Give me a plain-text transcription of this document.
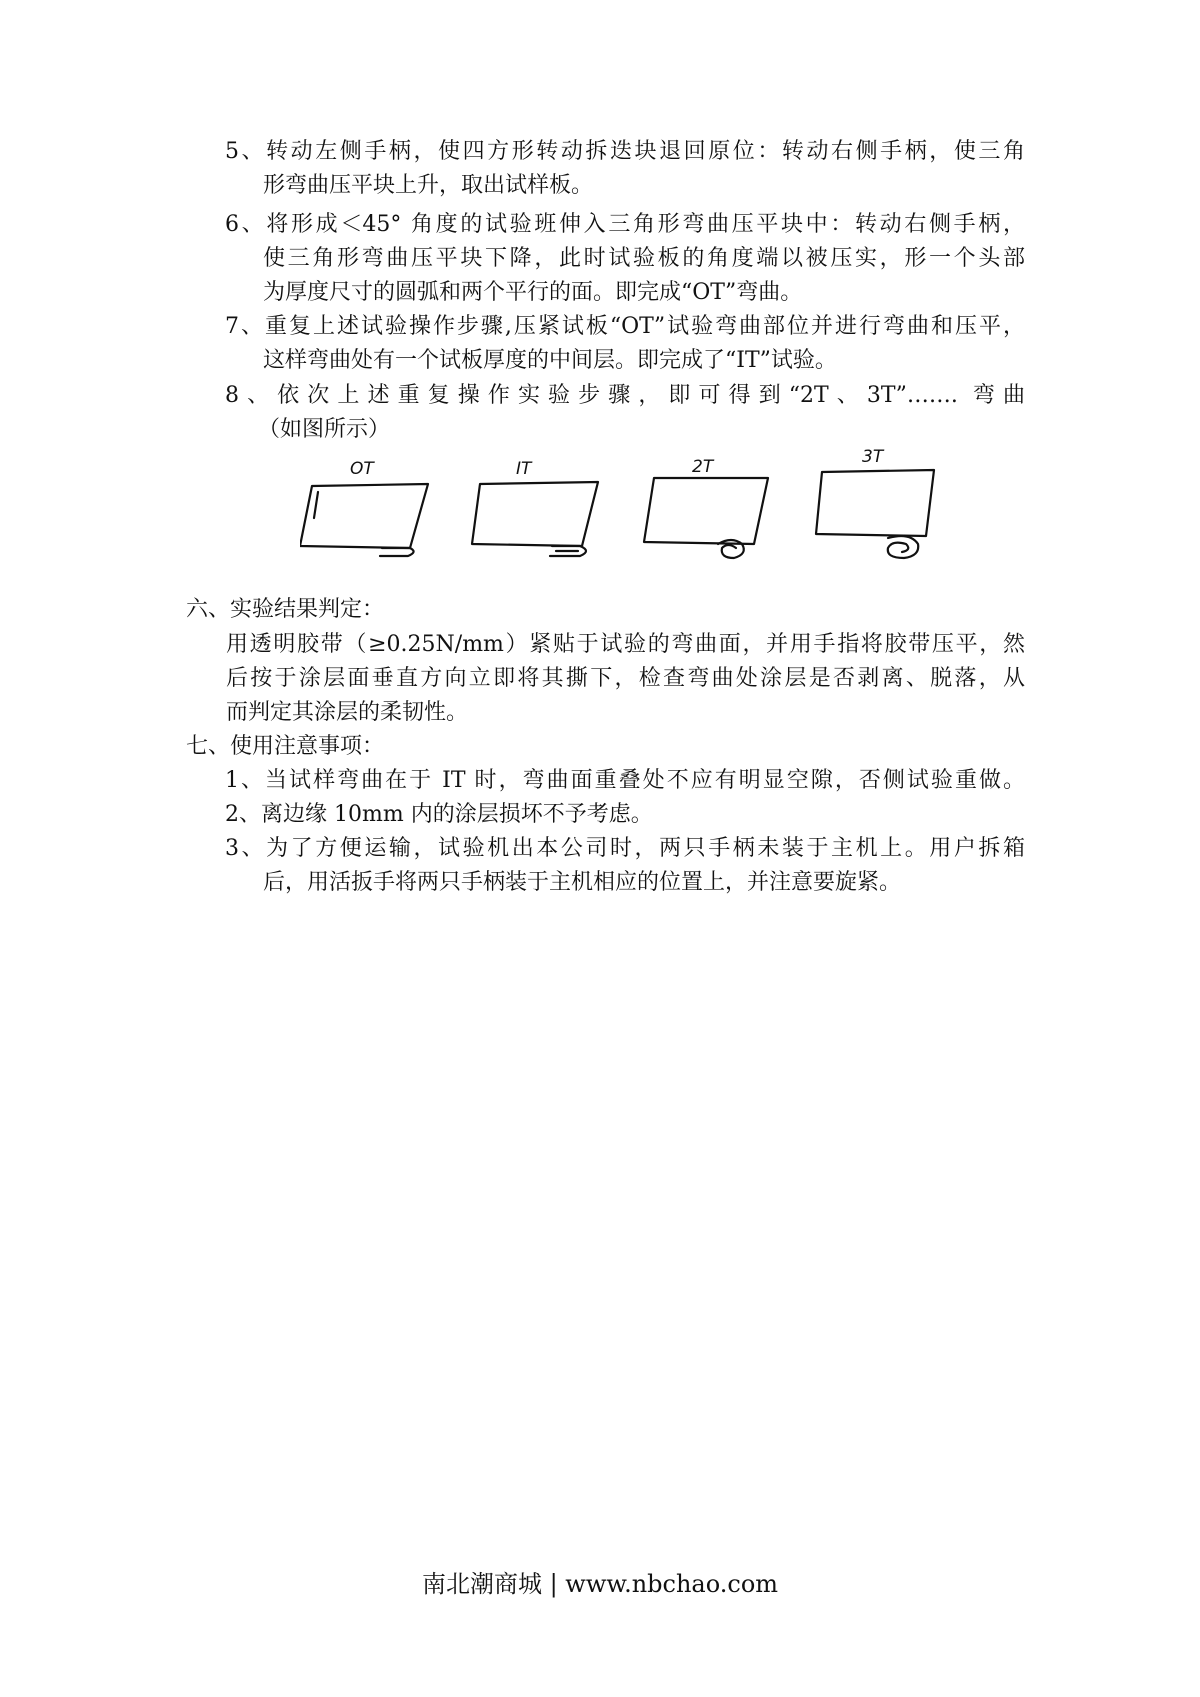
5、转动左侧手柄，使四方形转动拆迭块退回原位：转动右侧手柄，使三角
形弯曲压平块上升，取出试样板。
6、将形成＜45° 角度的试验班伸入三角形弯曲压平块中：转动右侧手柄，
使三角形弯曲压平块下降，此时试验板的角度端以被压实，形一个头部
为厚度尺寸的圆弧和两个平行的面。即完成“OT”弯曲。
7、重复上述试验操作步骤,压紧试板“OT”试验弯曲部位并进行弯曲和压平，
这样弯曲处有一个试板厚度的中间层。即完成了“IT”试验。
8、依次上述重复操作实验步骤，即可得到“2T、3T”……. 弯曲
（如图所示）
OT	IT	2T	3T
六、实验结果判定：
用透明胶带（≥0.25N/mm）紧贴于试验的弯曲面，并用手指将胶带压平，然
后按于涂层面垂直方向立即将其撕下，检查弯曲处涂层是否剥离、脱落，从
而判定其涂层的柔韧性。
七、使用注意事项：
1、当试样弯曲在于 IT 时，弯曲面重叠处不应有明显空隙，否侧试验重做。
2、离边缘 10mm 内的涂层损坏不予考虑。
3、为了方便运输，试验机出本公司时，两只手柄未装于主机上。用户拆箱
后，用活扳手将两只手柄装于主机相应的位置上，并注意要旋紧。
南北潮商城 | www.nbchao.com
